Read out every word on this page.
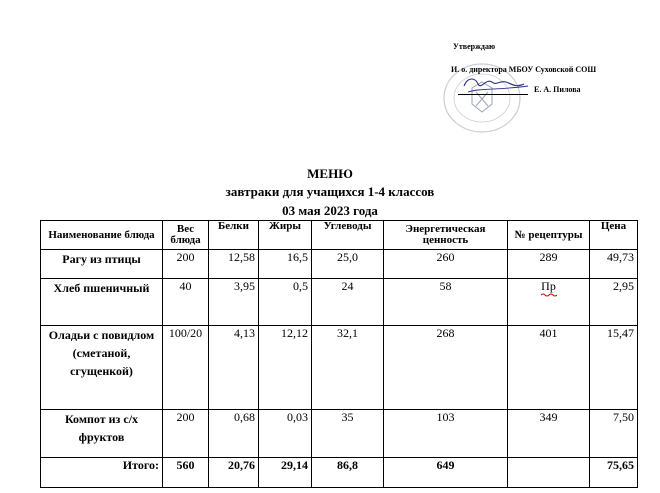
Утверждаю
И. о. директора МБОУ Суховской СОШ
Е. А. Пилова
МЕНЮ
завтраки для учащихся 1-4 классов
03 мая 2023 года
Наименование блюда	Вес блюда	Белки	Жиры	Углеводы	Энергетическая ценность	№ рецептуры	Цена
Рагу из птицы	200	12,58	16,5	25,0	260	289	49,73
Хлеб пшеничный	40	3,95	0,5	24	58	Пр	2,95
Оладьи с повидлом (сметаной, сгущенкой)	100/20	4,13	12,12	32,1	268	401	15,47
Компот из с/х фруктов	200	0,68	0,03	35	103	349	7,50
Итого:	560	20,76	29,14	86,8	649		75,65
